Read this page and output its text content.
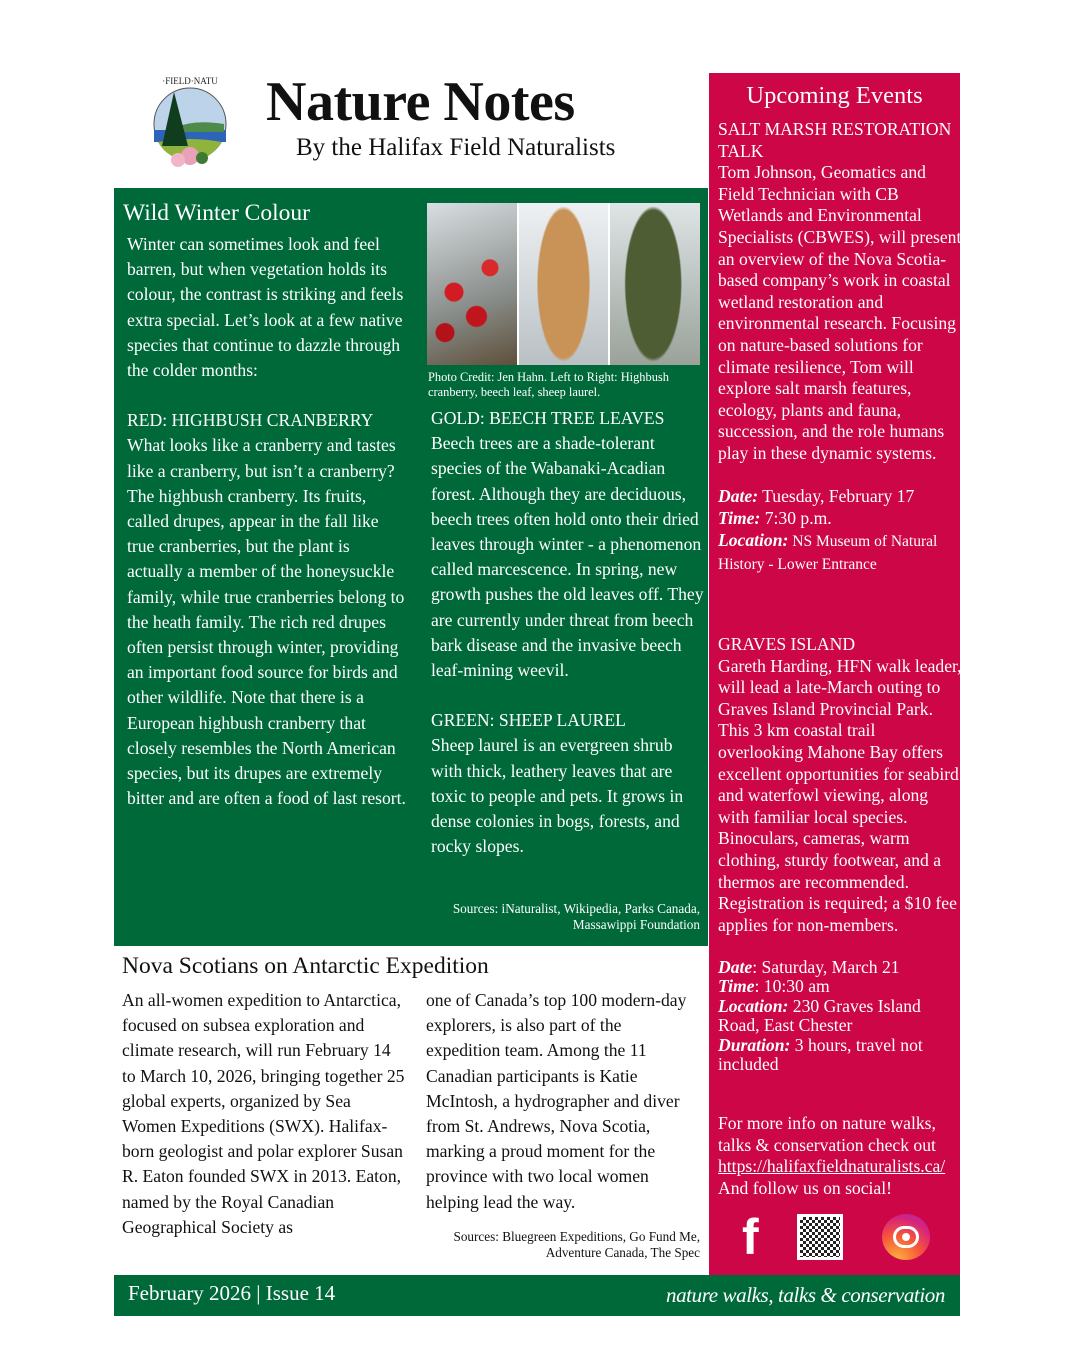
·FIELD·NATU Nature Notes
By the Halifax Field Naturalists
Wild Winter Colour

Winter can sometimes look and feel barren, but when vegetation holds its colour, the contrast is striking and feels extra special. Let’s look at a few native species that continue to dazzle through the colder months:

RED: HIGHBUSH CRANBERRY

What looks like a cranberry and tastes like a cranberry, but isn’t a cranberry? The highbush cranberry. Its fruits, called drupes, appear in the fall like true cranberries, but the plant is actually a member of the honeysuckle family, while true cranberries belong to the heath family. The rich red drupes often persist through winter, providing an important food source for birds and other wildlife. Note that there is a European highbush cranberry that closely resembles the North American species, but its drupes are extremely bitter and are often a food of last resort.

Photo Credit: Jen Hahn. Left to Right: Highbush cranberry, beech leaf, sheep laurel.

GOLD: BEECH TREE LEAVES

Beech trees are a shade-tolerant species of the Wabanaki-Acadian forest. Although they are deciduous, beech trees often hold onto their dried leaves through winter - a phenomenon called marcescence. In spring, new growth pushes the old leaves off. They are currently under threat from beech bark disease and the invasive beech leaf-mining weevil.

GREEN: SHEEP LAUREL

Sheep laurel is an evergreen shrub with thick, leathery leaves that are toxic to people and pets. It grows in dense colonies in bogs, forests, and rocky slopes.

Sources: iNaturalist, Wikipedia, Parks Canada, Massawippi Foundation
Nova Scotians on Antarctic Expedition
An all-women expedition to Antarctica, focused on subsea exploration and climate research, will run February 14 to March 10, 2026, bringing together 25 global experts, organized by Sea Women Expeditions (SWX). Halifax-born geologist and polar explorer Susan R. Eaton founded SWX in 2013. Eaton, named by the Royal Canadian Geographical Society as
one of Canada’s top 100 modern-day explorers, is also part of the expedition team. Among the 11 Canadian participants is Katie McIntosh, a hydrographer and diver from St. Andrews, Nova Scotia, marking a proud moment for the province with two local women helping lead the way.
Sources: Bluegreen Expeditions, Go Fund Me, Adventure Canada, The Spec
Upcoming Events

SALT MARSH RESTORATION TALK

Tom Johnson, Geomatics and Field Technician with CB Wetlands and Environmental Specialists (CBWES), will present an overview of the Nova Scotia-based company’s work in coastal wetland restoration and environmental research. Focusing on nature-based solutions for climate resilience, Tom will explore salt marsh features, ecology, plants and fauna, succession, and the role humans play in these dynamic systems.

Date: Tuesday, February 17

Time: 7:30 p.m.

Location: NS Museum of Natural History - Lower Entrance

GRAVES ISLAND

Gareth Harding, HFN walk leader, will lead a late-March outing to Graves Island Provincial Park. This 3 km coastal trail overlooking Mahone Bay offers excellent opportunities for seabird and waterfowl viewing, along with familiar local species. Binoculars, cameras, warm clothing, sturdy footwear, and a thermos are recommended. Registration is required; a $10 fee applies for non-members.

Date: Saturday, March 21

Time: 10:30 am

Location: 230 Graves Island Road, East Chester

Duration: 3 hours, travel not included

For more info on nature walks, talks & conservation check out

https://halifaxfieldnaturalists.ca/

And follow us on social!

f
February 2026 | Issue 14	nature walks, talks & conservation
